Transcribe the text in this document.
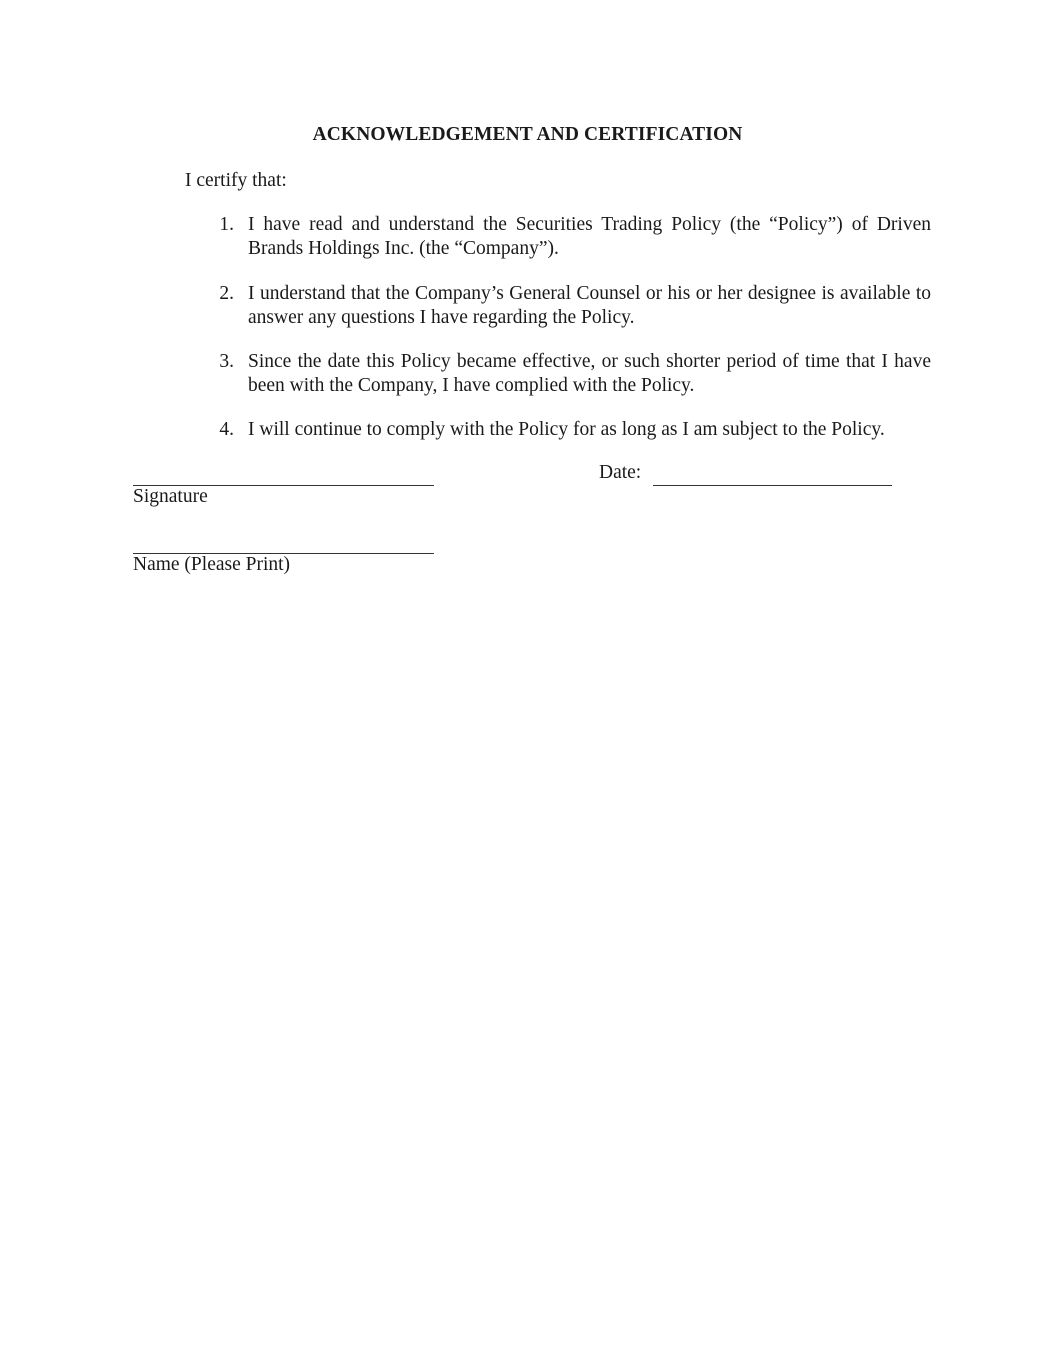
ACKNOWLEDGEMENT AND CERTIFICATION

I certify that:

1. I have read and understand the Securities Trading Policy (the “Policy”) of Driven Brands Holdings Inc. (the “Company”).
2. I understand that the Company’s General Counsel or his or her designee is available to answer any questions I have regarding the Policy.
3. Since the date this Policy became effective, or such shorter period of time that I have been with the Company, I have complied with the Policy.
4. I will continue to comply with the Policy for as long as I am subject to the Policy.

Signature

Date:

Name (Please Print)
